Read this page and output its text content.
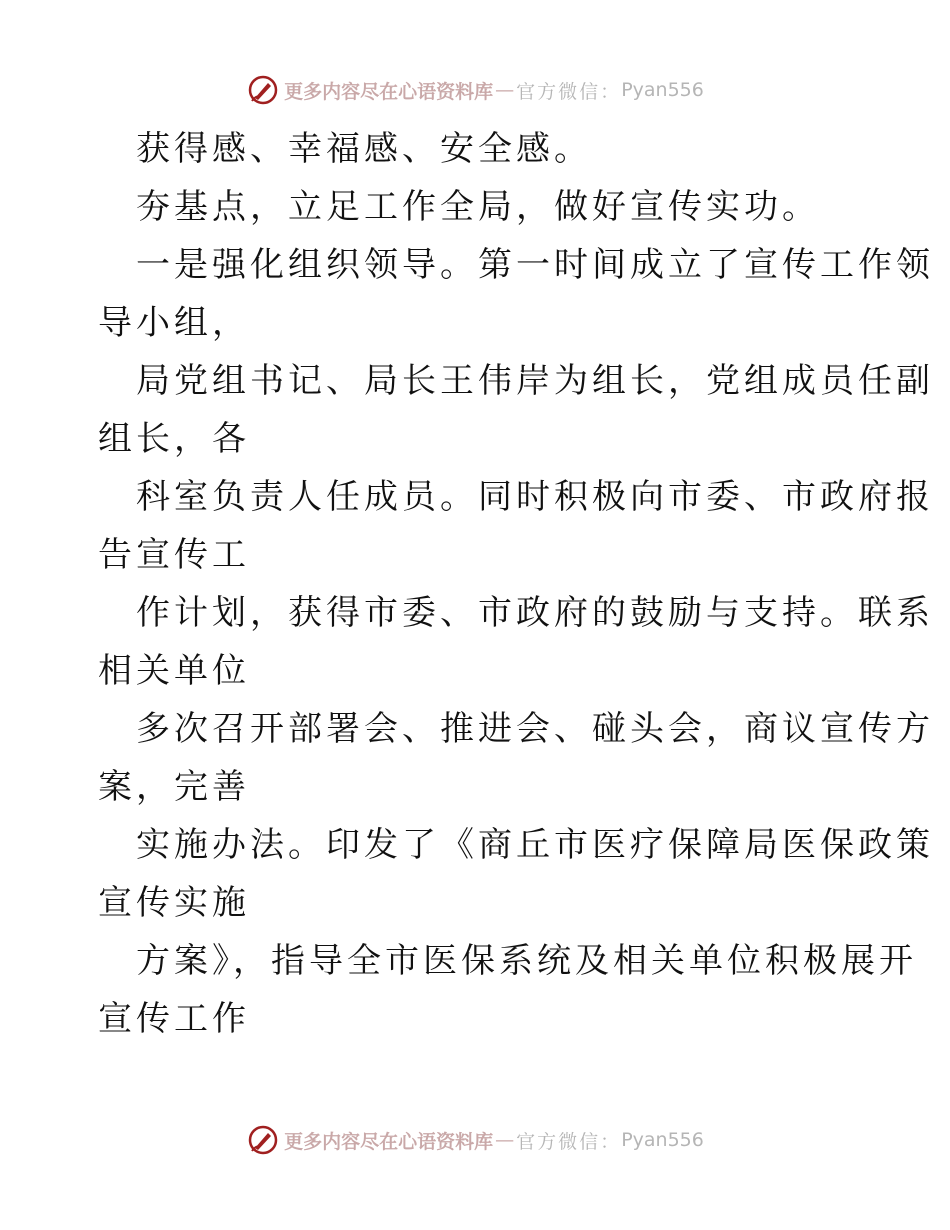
更多内容尽在心语资料库 — 官方微信： Pyan556
获得感、幸福感、安全感。
夯基点，立足工作全局，做好宣传实功。
一是强化组织领导。第一时间成立了宣传工作领
导小组，
局党组书记、局长王伟岸为组长，党组成员任副
组长，各
科室负责人任成员。同时积极向市委、市政府报
告宣传工
作计划，获得市委、市政府的鼓励与支持。联系
相关单位
多次召开部署会、推进会、碰头会，商议宣传方
案，完善
实施办法。印发了《商丘市医疗保障局医保政策
宣传实施
方案》，指导全市医保系统及相关单位积极展开
宣传工作
更多内容尽在心语资料库 — 官方微信： Pyan556
